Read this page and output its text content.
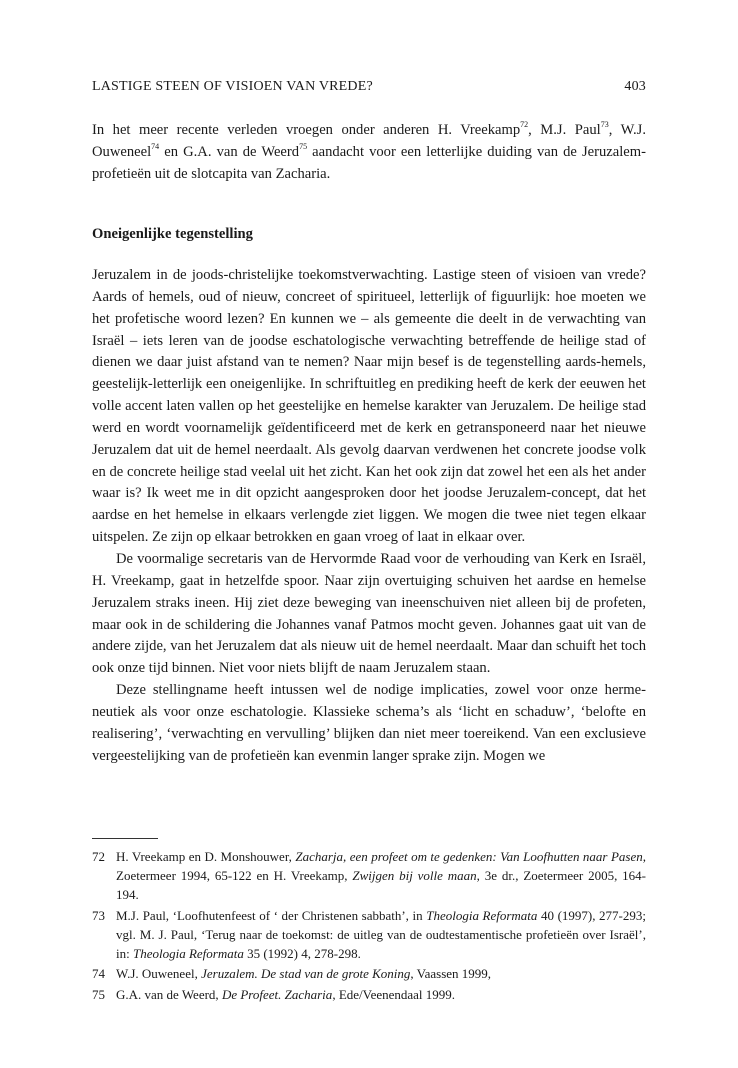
LASTIGE STEEN OF VISIOEN VAN VREDE?	403

In het meer recente verleden vroegen onder anderen H. Vreekamp$^{72}$, M.J. Paul$^{73}$, W.J. Ouweneel$^{74}$ en G.A. van de Weerd$^{75}$ aandacht voor een letterlijke duiding van de Jeruzalem-profetieën uit de slotcapita van Zacharia.

Oneigenlijke tegenstelling

Jeruzalem in de joods-christelijke toekomstverwachting. Lastige steen of visioen van vrede? Aards of hemels, oud of nieuw, concreet of spiritueel, letterlijk of figuurlijk: hoe moeten we het profetische woord lezen? En kunnen we – als gemeente die deelt in de verwachting van Israël – iets leren van de joodse eschatologische verwachting betreffende de heilige stad of dienen we daar juist afstand van te nemen? Naar mijn besef is de tegenstelling aards-hemels, geestelijk-letterlijk een oneigenlijke. In schriftuitleg en prediking heeft de kerk der eeuwen het volle accent laten vallen op het geestelijke en hemelse karakter van Jeruzalem. De heilige stad werd en wordt voornamelijk geïdentificeerd met de kerk en getransponeerd naar het nieuwe Jeruzalem dat uit de hemel neerdaalt. Als gevolg daarvan verdwenen het concrete joodse volk en de concrete heilige stad veelal uit het zicht. Kan het ook zijn dat zowel het een als het ander waar is? Ik weet me in dit opzicht aangesproken door het joodse Jeruzalem-concept, dat het aardse en het hemelse in elkaars verlengde ziet liggen. We mogen die twee niet tegen elkaar uitspelen. Ze zijn op elkaar betrokken en gaan vroeg of laat in elkaar over.

De voormalige secretaris van de Hervormde Raad voor de verhouding van Kerk en Israël, H. Vreekamp, gaat in hetzelfde spoor. Naar zijn overtuiging schuiven het aardse en hemelse Jeruzalem straks ineen. Hij ziet deze beweging van ineenschuiven niet alleen bij de profeten, maar ook in de schildering die Johannes vanaf Patmos mocht geven. Johannes gaat uit van de andere zijde, van het Jeruzalem dat als nieuw uit de hemel neerdaalt. Maar dan schuift het toch ook onze tijd binnen. Niet voor niets blijft de naam Jeruzalem staan.

Deze stellingname heeft intussen wel de nodige implicaties, zowel voor onze hermeneutiek als voor onze eschatologie. Klassieke schema’s als ‘licht en schaduw’, ‘belofte en realisering’, ‘verwachting en vervulling’ blijken dan niet meer toereikend. Van een exclusieve vergeestelijking van de profetieën kan evenmin langer sprake zijn. Mogen we

72 H. Vreekamp en D. Monshouwer, Zacharja, een profeet om te gedenken: Van Loofhutten naar Pasen, Zoetermeer 1994, 65-122 en H. Vreekamp, Zwijgen bij volle maan, 3e dr., Zoetermeer 2005, 164-194.
73 M.J. Paul, ‘Loofhutenfeest of ‘ der Christenen sabbath’, in Theologia Reformata 40 (1997), 277-293; vgl. M. J. Paul, ‘Terug naar de toekomst: de uitleg van de oudtestamentische profetieën over Israël’, in: Theologia Reformata 35 (1992) 4, 278-298.
74 W.J. Ouweneel, Jeruzalem. De stad van de grote Koning, Vaassen 1999,
75 G.A. van de Weerd, De Profeet. Zacharia, Ede/Veenendaal 1999.
